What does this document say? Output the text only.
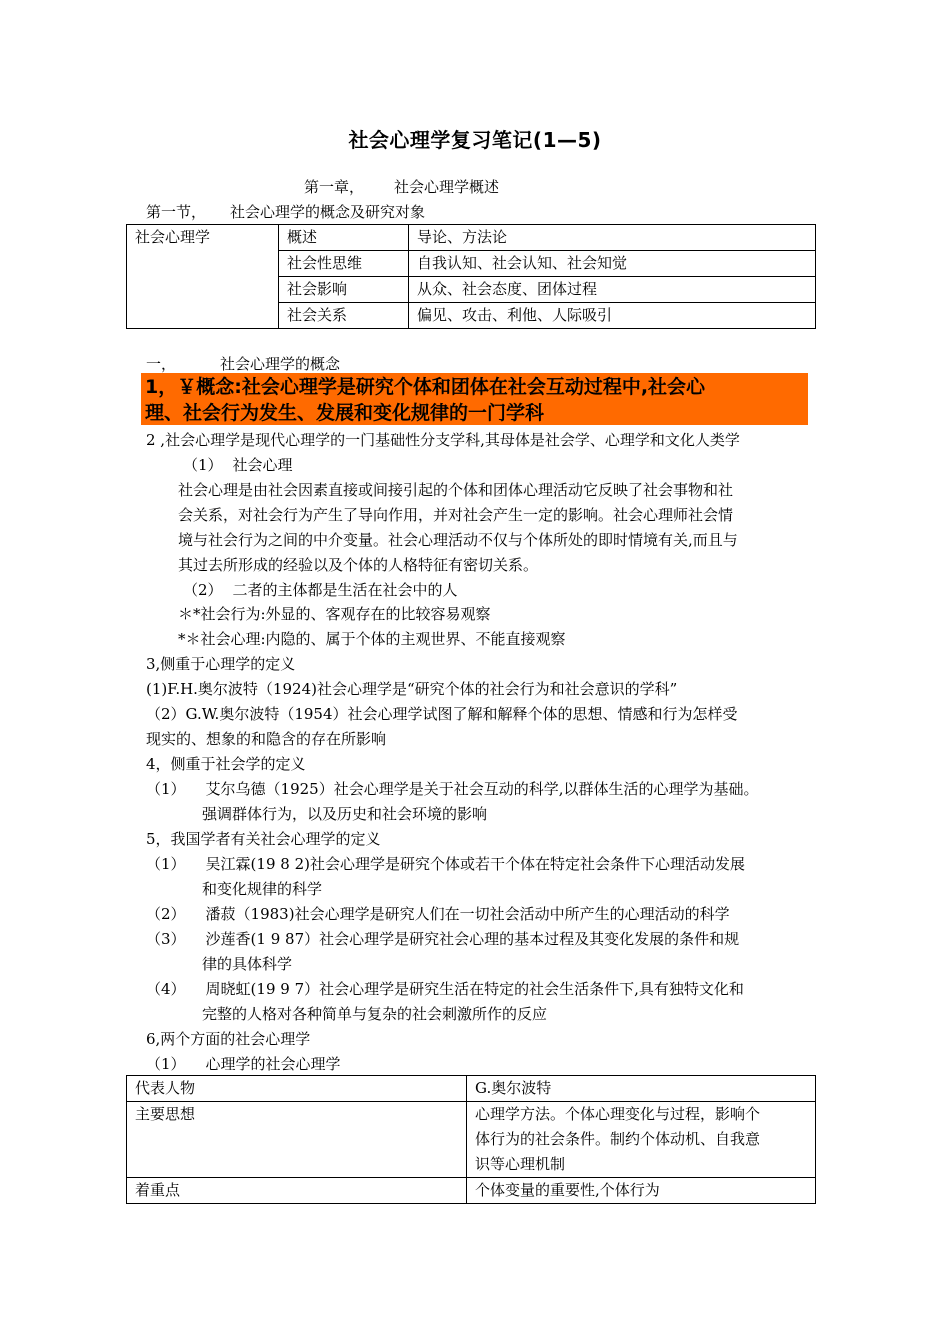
社会心理学复习笔记(1—5)
第一章， 社会心理学概述
第一节， 社会心理学的概念及研究对象
社会心理学	概述	导论、方法论
	社会性思维	自我认知、社会认知、社会知觉
	社会影响	从众、社会态度、团体过程
	社会关系	偏见、攻击、利他、人际吸引
一，	社会心理学的概念
1，￥概念:社会心理学是研究个体和团体在社会互动过程中,社会心
理、社会行为发生、发展和变化规律的一门学科
2 ,社会心理学是现代心理学的一门基础性分支学科,其母体是社会学、心理学和文化人类学
（1） 社会心理
社会心理是由社会因素直接或间接引起的个体和团体心理活动它反映了社会事物和社
会关系，对社会行为产生了导向作用，并对社会产生一定的影响。社会心理师社会情
境与社会行为之间的中介变量。社会心理活动不仅与个体所处的即时情境有关,而且与
其过去所形成的经验以及个体的人格特征有密切关系。
（2） 二者的主体都是生活在社会中的人
＊*社会行为:外显的、客观存在的比较容易观察
*＊社会心理:内隐的、属于个体的主观世界、不能直接观察
3,侧重于心理学的定义
(1)F.H.奥尔波特（1924)社会心理学是“研究个体的社会行为和社会意识的学科”
（2）G.W.奥尔波特（1954）社会心理学试图了解和解释个体的思想、情感和行为怎样受
现实的、想象的和隐含的存在所影响
4，侧重于社会学的定义
（1） 艾尔乌德（1925）社会心理学是关于社会互动的科学,以群体生活的心理学为基础。
强调群体行为，以及历史和社会环境的影响
5，我国学者有关社会心理学的定义
（1） 吴江霖(19 8 2)社会心理学是研究个体或若干个体在特定社会条件下心理活动发展
和变化规律的科学
（2） 潘菽（1983)社会心理学是研究人们在一切社会活动中所产生的心理活动的科学
（3） 沙莲香(1 9 87）社会心理学是研究社会心理的基本过程及其变化发展的条件和规
律的具体科学
（4） 周晓虹(19 9 7）社会心理学是研究生活在特定的社会生活条件下,具有独特文化和
完整的人格对各种简单与复杂的社会刺激所作的反应
6,两个方面的社会心理学
（1） 心理学的社会心理学
代表人物	G.奥尔波特
主要思想	心理学方法。个体心理变化与过程，影响个
体行为的社会条件。制约个体动机、自我意
识等心理机制

着重点	个体变量的重要性,个体行为
